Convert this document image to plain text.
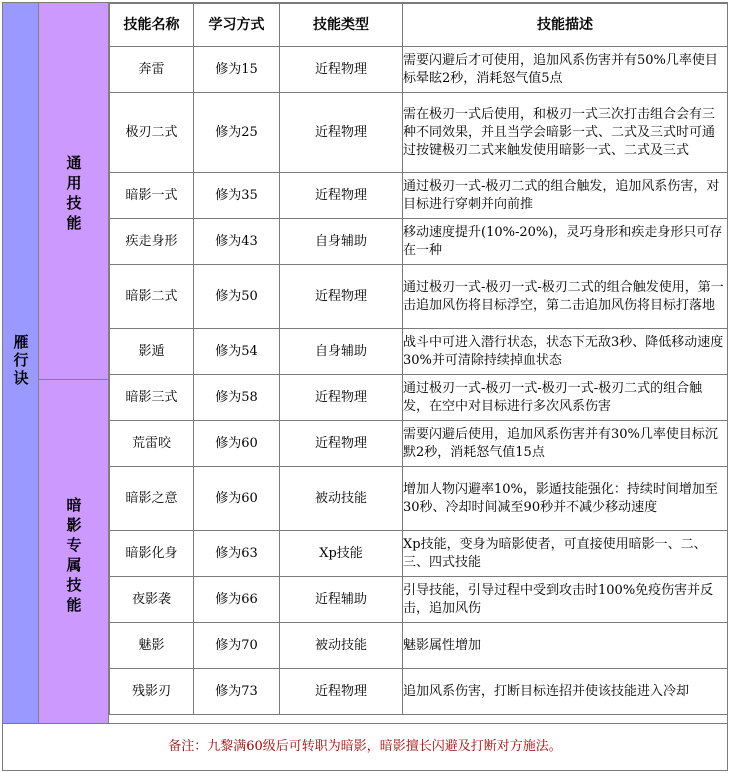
雁
行
诀
通
用
技
能
暗
影
专
属
技
能
技能名称	学习方式	技能类型	技能描述
奔雷	修为15	近程物理	需要闪避后才可使用，追加风系伤害并有50%几率使目标晕眩2秒，消耗怒气值5点
极刃二式	修为25	近程物理	需在极刃一式后使用，和极刃一式三次打击组合会有三种不同效果，并且当学会暗影一式、二式及三式时可通过按键极刃二式来触发使用暗影一式、二式及三式
暗影一式	修为35	近程物理	通过极刃一式-极刃二式的组合触发，追加风系伤害，对目标进行穿刺并向前推
疾走身形	修为43	自身辅助	移动速度提升(10%-20%)，灵巧身形和疾走身形只可存在一种
暗影二式	修为50	近程物理	通过极刃一式-极刃一式-极刃二式的组合触发使用，第一击追加风伤将目标浮空，第二击追加风伤将目标打落地
影遁	修为54	自身辅助	战斗中可进入潜行状态，状态下无敌3秒、降低移动速度30%并可清除持续掉血状态
暗影三式	修为58	近程物理	通过极刃一式-极刃一式-极刃一式-极刃二式的组合触发，在空中对目标进行多次风系伤害
荒雷咬	修为60	近程物理	需要闪避后使用，追加风系伤害并有30%几率使目标沉默2秒，消耗怒气值15点
暗影之意	修为60	被动技能	增加人物闪避率10%，影遁技能强化：持续时间增加至30秒、冷却时间减至90秒并不减少移动速度
暗影化身	修为63	Xp技能	Xp技能，变身为暗影使者，可直接使用暗影一、二、三、四式技能
夜影袭	修为66	近程辅助	引导技能，引导过程中受到攻击时100%免疫伤害并反击，追加风伤
魅影	修为70	被动技能	魅影属性增加
残影刃	修为73	近程物理	追加风系伤害，打断目标连招并使该技能进入冷却
备注：九黎满60级后可转职为暗影，暗影擅长闪避及打断对方施法。
